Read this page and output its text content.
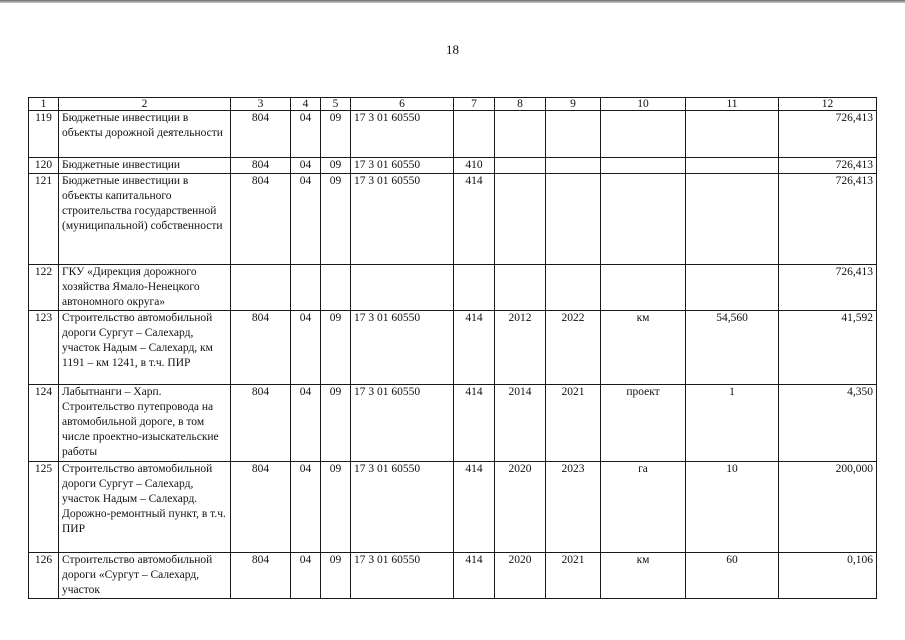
18
1	2	3	4	5	6	7	8	9	10	11	12
119	Бюджетные инвестиции в объекты дорожной деятельности	804	04	09	17 3 01 60550						726,413
120	Бюджетные инвестиции	804	04	09	17 3 01 60550	410					726,413
121	Бюджетные инвестиции в объекты капитального строительства государственной (муниципальной) собственности	804	04	09	17 3 01 60550	414					726,413
122	ГКУ «Дирекция дорожного хозяйства Ямало-Ненецкого автономного округа»										726,413
123	Строительство автомобильной дороги Сургут – Салехард, участок Надым – Салехард, км 1191 – км 1241, в т.ч. ПИР	804	04	09	17 3 01 60550	414	2012	2022	км	54,560	41,592
124	Лабытнанги – Харп. Строительство путепровода на автомобильной дороге, в том числе проектно-изыскательские работы	804	04	09	17 3 01 60550	414	2014	2021	проект	1	4,350
125	Строительство автомобильной дороги Сургут – Салехард, участок Надым – Салехард. Дорожно-ремонтный пункт, в т.ч. ПИР	804	04	09	17 3 01 60550	414	2020	2023	га	10	200,000
126	Строительство автомобильной дороги «Сургут – Салехард, участок	804	04	09	17 3 01 60550	414	2020	2021	км	60	0,106
